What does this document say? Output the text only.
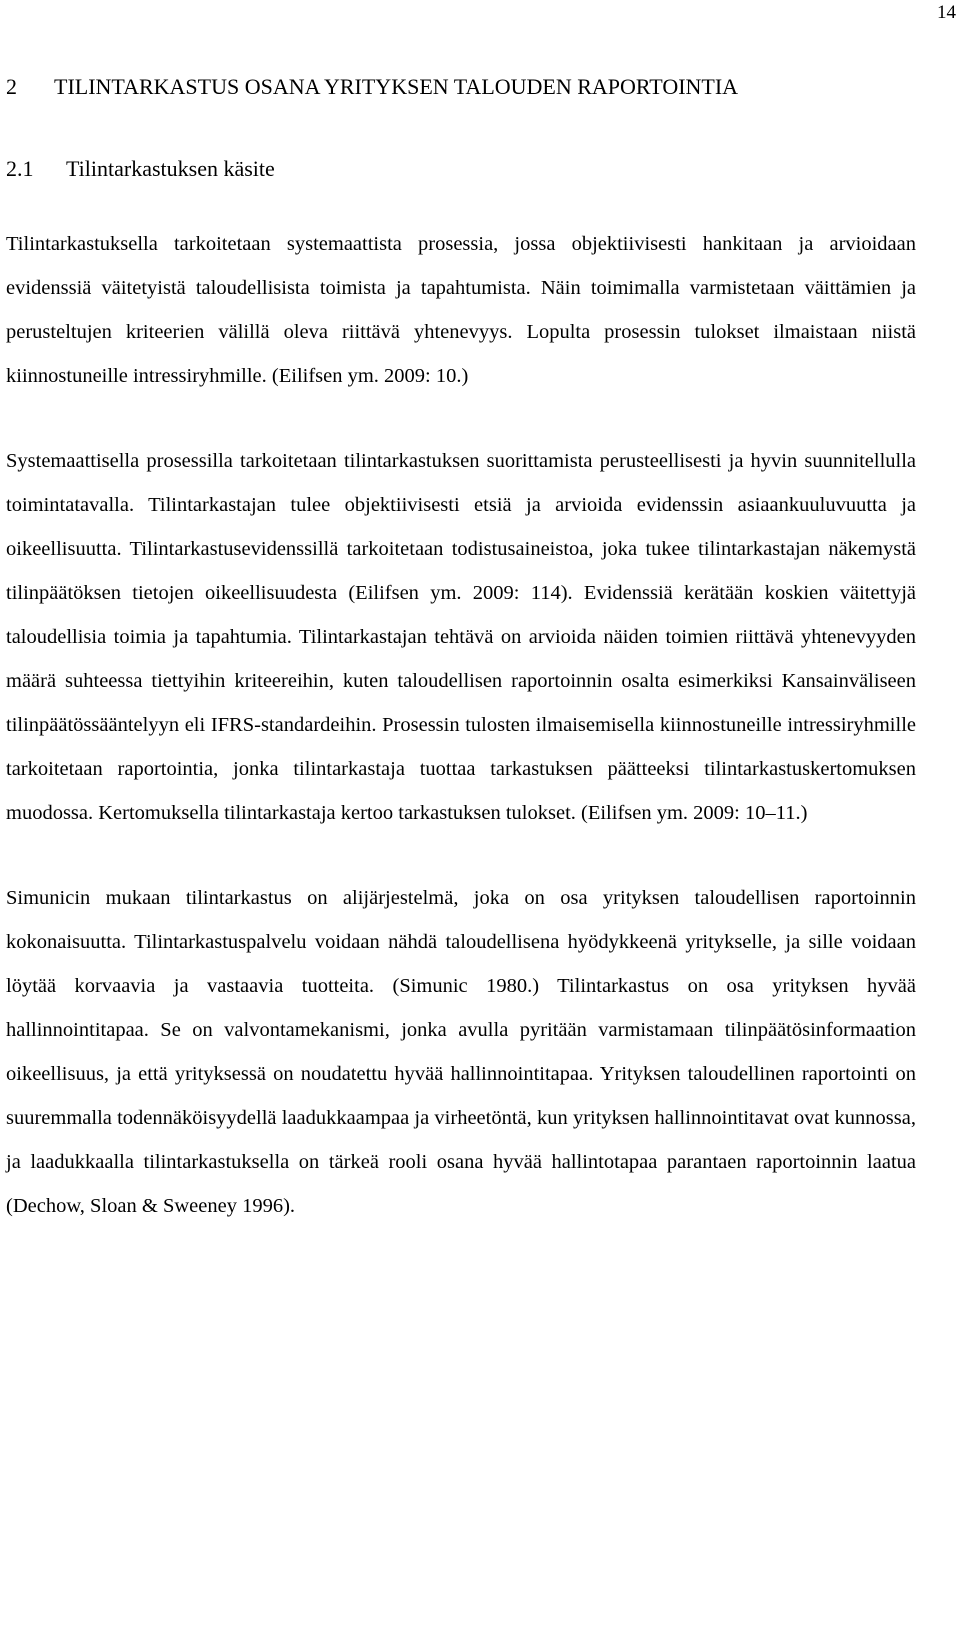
14
2 TILINTARKASTUS OSANA YRITYKSEN TALOUDEN RAPORTOINTIA
2.1 Tilintarkastuksen käsite

Tilintarkastuksella tarkoitetaan systemaattista prosessia, jossa objektiivisesti hankitaan ja arvioidaan evidenssiä väitetyistä taloudellisista toimista ja tapahtumista. Näin toimimalla varmistetaan väittämien ja perusteltujen kriteerien välillä oleva riittävä yhtenevyys. Lopulta prosessin tulokset ilmaistaan niistä kiinnostuneille intressiryhmille. (Eilifsen ym. 2009: 10.)

Systemaattisella prosessilla tarkoitetaan tilintarkastuksen suorittamista perusteellisesti ja hyvin suunnitellulla toimintatavalla. Tilintarkastajan tulee objektiivisesti etsiä ja arvioida evidenssin asiaankuuluvuutta ja oikeellisuutta. Tilintarkastusevidenssillä tarkoitetaan todistusaineistoa, joka tukee tilintarkastajan näkemystä tilinpäätöksen tietojen oikeellisuudesta (Eilifsen ym. 2009: 114). Evidenssiä kerätään koskien väitettyjä taloudellisia toimia ja tapahtumia. Tilintarkastajan tehtävä on arvioida näiden toimien riittävä yhtenevyyden määrä suhteessa tiettyihin kriteereihin, kuten taloudellisen raportoinnin osalta esimerkiksi Kansainväliseen tilinpäätössääntelyyn eli IFRS-standardeihin. Prosessin tulosten ilmaisemisella kiinnostuneille intressiryhmille tarkoitetaan raportointia, jonka tilintarkastaja tuottaa tarkastuksen päätteeksi tilintarkastuskertomuksen muodossa. Kertomuksella tilintarkastaja kertoo tarkastuksen tulokset. (Eilifsen ym. 2009: 10–11.)

Simunicin mukaan tilintarkastus on alijärjestelmä, joka on osa yrityksen taloudellisen raportoinnin kokonaisuutta. Tilintarkastuspalvelu voidaan nähdä taloudellisena hyödykkeenä yritykselle, ja sille voidaan löytää korvaavia ja vastaavia tuotteita. (Simunic 1980.) Tilintarkastus on osa yrityksen hyvää hallinnointitapaa. Se on valvontamekanismi, jonka avulla pyritään varmistamaan tilinpäätösinformaation oikeellisuus, ja että yrityksessä on noudatettu hyvää hallinnointitapaa. Yrityksen taloudellinen raportointi on suuremmalla todennäköisyydellä laadukkaampaa ja virheetöntä, kun yrityksen hallinnointitavat ovat kunnossa, ja laadukkaalla tilintarkastuksella on tärkeä rooli osana hyvää hallintotapaa parantaen raportoinnin laatua (Dechow, Sloan & Sweeney 1996).
